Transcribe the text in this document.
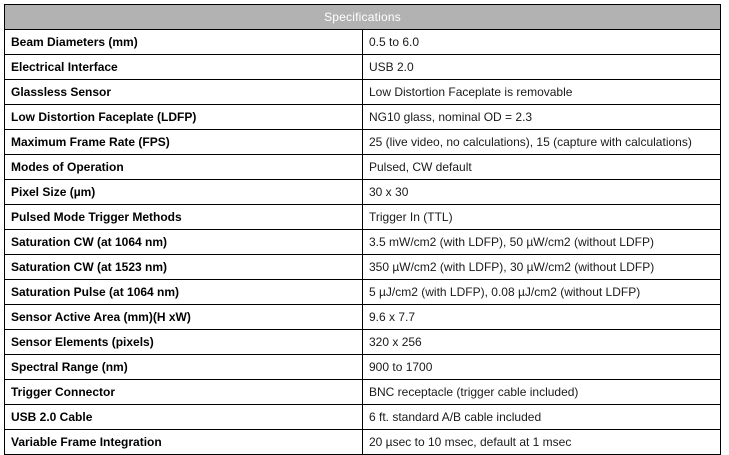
Specifications	
Beam Diameters (mm)	0.5 to 6.0
Electrical Interface	USB 2.0
Glassless Sensor	Low Distortion Faceplate is removable
Low Distortion Faceplate (LDFP)	NG10 glass, nominal OD = 2.3
Maximum Frame Rate (FPS)	25 (live video, no calculations), 15 (capture with calculations)
Modes of Operation	Pulsed, CW default
Pixel Size (µm)	30 x 30
Pulsed Mode Trigger Methods	Trigger In (TTL)
Saturation CW (at 1064 nm)	3.5 mW/cm2 (with LDFP), 50 µW/cm2 (without LDFP)
Saturation CW (at 1523 nm)	350 µW/cm2 (with LDFP), 30 µW/cm2 (without LDFP)
Saturation Pulse (at 1064 nm)	5 µJ/cm2 (with LDFP), 0.08 µJ/cm2 (without LDFP)
Sensor Active Area (mm)(H xW)	9.6 x 7.7
Sensor Elements (pixels)	320 x 256
Spectral Range (nm)	900 to 1700
Trigger Connector	BNC receptacle (trigger cable included)
USB 2.0 Cable	6 ft. standard A/B cable included
Variable Frame Integration	20 µsec to 10 msec, default at 1 msec
